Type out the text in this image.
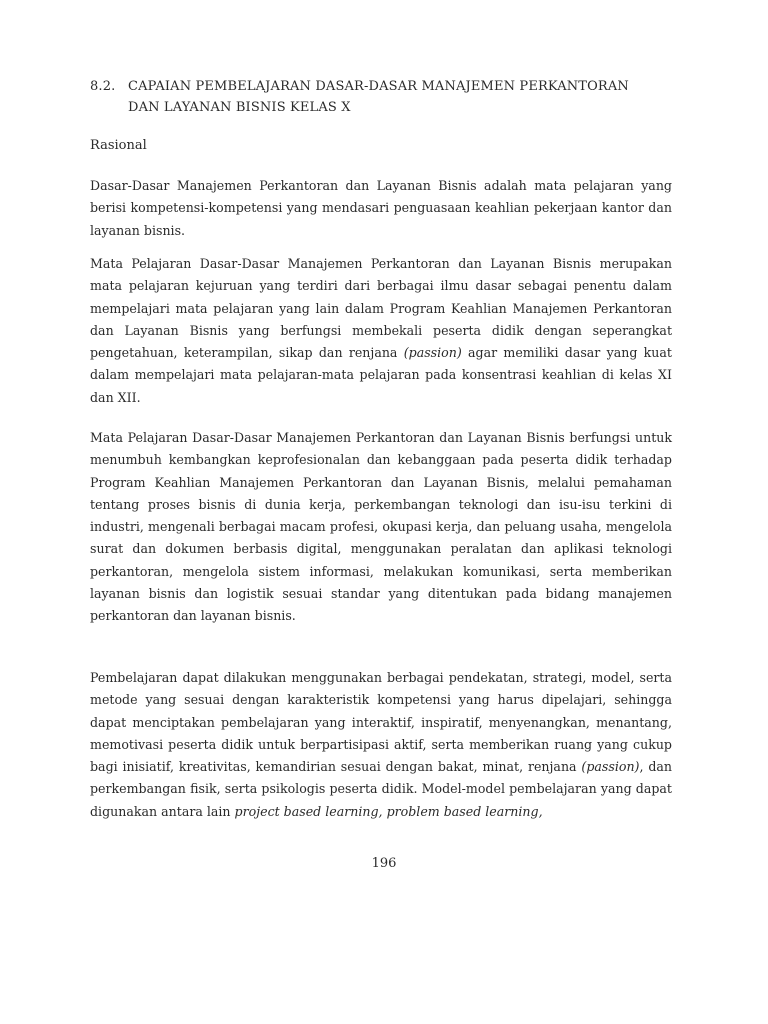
8.2. CAPAIAN PEMBELAJARAN DASAR-DASAR MANAJEMEN PERKANTORAN
DAN LAYANAN BISNIS KELAS X
Rasional

Dasar-Dasar Manajemen Perkantoran dan Layanan Bisnis adalah mata pelajaran yang berisi kompetensi-kompetensi yang mendasari penguasaan keahlian pekerjaan kantor dan layanan bisnis.

Mata Pelajaran Dasar-Dasar Manajemen Perkantoran dan Layanan Bisnis merupakan mata pelajaran kejuruan yang terdiri dari berbagai ilmu dasar sebagai penentu dalam mempelajari mata pelajaran yang lain dalam Program Keahlian Manajemen Perkantoran dan Layanan Bisnis yang berfungsi membekali peserta didik dengan seperangkat pengetahuan, keterampilan, sikap dan renjana (passion) agar memiliki dasar yang kuat dalam mempelajari mata pelajaran-mata pelajaran pada konsentrasi keahlian di kelas XI dan XII.

Mata Pelajaran Dasar-Dasar Manajemen Perkantoran dan Layanan Bisnis berfungsi untuk menumbuh kembangkan keprofesionalan dan kebanggaan pada peserta didik terhadap Program Keahlian Manajemen Perkantoran dan Layanan Bisnis, melalui pemahaman tentang proses bisnis di dunia kerja, perkembangan teknologi dan isu-isu terkini di industri, mengenali berbagai macam profesi, okupasi kerja, dan peluang usaha, mengelola surat dan dokumen berbasis digital, menggunakan peralatan dan aplikasi teknologi perkantoran, mengelola sistem informasi, melakukan komunikasi, serta memberikan layanan bisnis dan logistik sesuai standar yang ditentukan pada bidang manajemen perkantoran dan layanan bisnis.

Pembelajaran dapat dilakukan menggunakan berbagai pendekatan, strategi, model, serta metode yang sesuai dengan karakteristik kompetensi yang harus dipelajari, sehingga dapat menciptakan pembelajaran yang interaktif, inspiratif, menyenangkan, menantang, memotivasi peserta didik untuk berpartisipasi aktif, serta memberikan ruang yang cukup bagi inisiatif, kreativitas, kemandirian sesuai dengan bakat, minat, renjana (passion), dan perkembangan fisik, serta psikologis peserta didik. Model-model pembelajaran yang dapat digunakan antara lain project based learning, problem based learning,

196
